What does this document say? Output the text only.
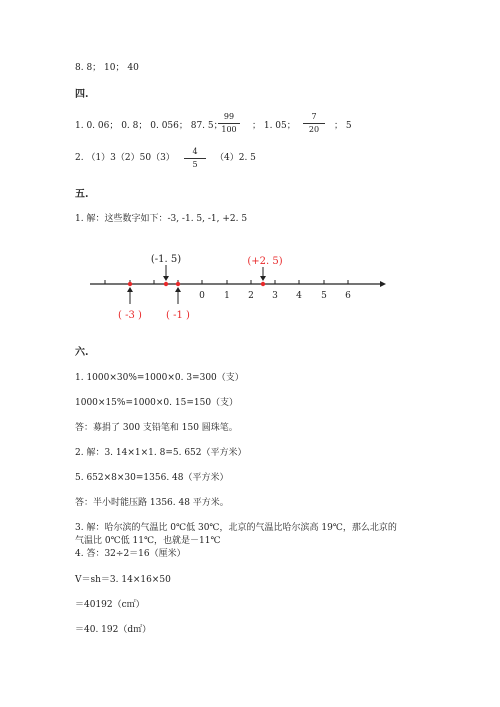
8. 8； 10； 40
四.
1. 0. 06； 0. 8； 0. 056； 87. 5；
99
100	； 1. 05；
7
20	； 5
2. （1）3（2）50（3）
4
5
（4）2. 5
五.
1. 解：这些数字如下：-3, -1. 5, -1, +2. 5
0 1 2 3 4 5 6
(-1. 5)	(+2. 5)
( -3 ) ( -1 )
六.
1. 1000×30%=1000×0. 3=300（支）
1000×15%=1000×0. 15=150（支）
答：募捐了 300 支铅笔和 150 圆珠笔。
2. 解：3. 14×1×1. 8=5. 652（平方米）
5. 652×8×30=1356. 48（平方米）
答：半小时能压路 1356. 48 平方米。
3. 解：哈尔滨的气温比 0℃低 30℃，北京的气温比哈尔滨高 19℃，那么北京的
气温比 0℃低 11℃，也就是－11℃
4. 答：32÷2＝16（厘米）
V＝sh＝3. 14×16×50
＝40192（c㎡）
＝40. 192（d㎡）
